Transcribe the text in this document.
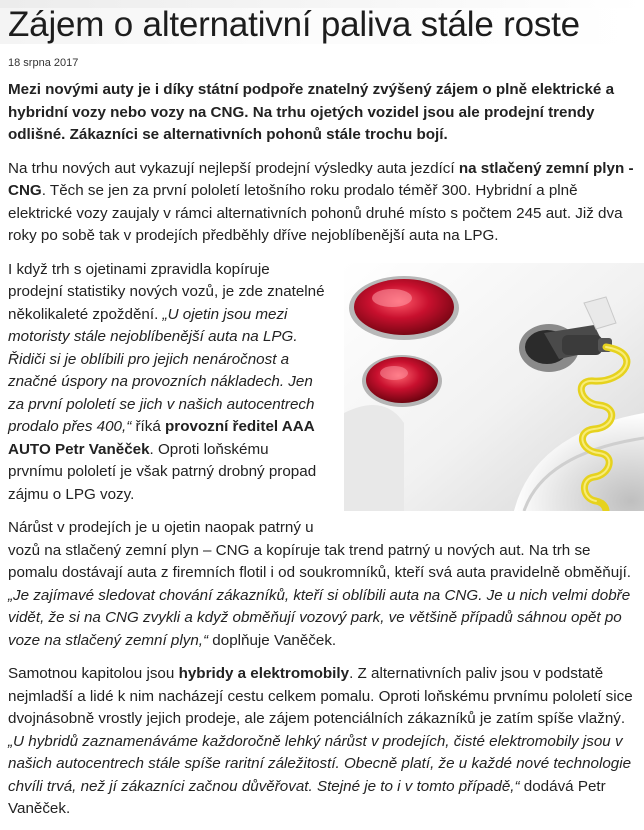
Zájem o alternativní paliva stále roste
18 srpna 2017

Mezi novými auty je i díky státní podpoře znatelný zvýšený zájem o plně elektrické a hybridní vozy nebo vozy na CNG. Na trhu ojetých vozidel jsou ale prodejní trendy odlišné. Zákazníci se alternativních pohonů stále trochu bojí.

Na trhu nových aut vykazují nejlepší prodejní výsledky auta jezdící na stlačený zemní plyn - CNG. Těch se jen za první pololetí letošního roku prodalo téměř 300. Hybridní a plně elektrické vozy zaujaly v rámci alternativních pohonů druhé místo s počtem 245 aut. Již dva roky po sobě tak v prodejích předběhly dříve nejoblíbenější auta na LPG.

I když trh s ojetinami zpravidla kopíruje prodejní statistiky nových vozů, je zde znatelné několikaleté zpoždění. „U ojetin jsou mezi motoristy stále nejoblíbenější auta na LPG. Řidiči si je oblíbili pro jejich nenáročnost a značné úspory na provozních nákladech. Jen za první pololetí se jich v našich autocentrech prodalo přes 400,“ říká provozní ředitel AAA AUTO Petr Vaněček. Oproti loňskému prvnímu pololetí je však patrný drobný propad zájmu o LPG vozy.

Nárůst v prodejích je u ojetin naopak patrný u vozů na stlačený zemní plyn – CNG a kopíruje tak trend patrný u nových aut. Na trh se pomalu dostávají auta z firemních flotil i od soukromníků, kteří svá auta pravidelně obměňují. „Je zajímavé sledovat chování zákazníků, kteří si oblíbili auta na CNG. Je u nich velmi dobře vidět, že si na CNG zvykli a když obměňují vozový park, ve většině případů sáhnou opět po voze na stlačený zemní plyn,“ doplňuje Vaněček.

Samotnou kapitolou jsou hybridy a elektromobily. Z alternativních paliv jsou v podstatě nejmladší a lidé k nim nacházejí cestu celkem pomalu. Oproti loňskému prvnímu pololetí sice dvojnásobně vrostly jejich prodeje, ale zájem potenciálních zákazníků je zatím spíše vlažný. „U hybridů zaznamenáváme každoročně lehký nárůst v prodejích, čisté elektromobily jsou v našich autocentrech stále spíše raritní záležitostí. Obecně platí, že u každé nové technologie chvíli trvá, než jí zákazníci začnou důvěřovat. Stejné je to i v tomto případě,“ dodává Petr Vaněček.
